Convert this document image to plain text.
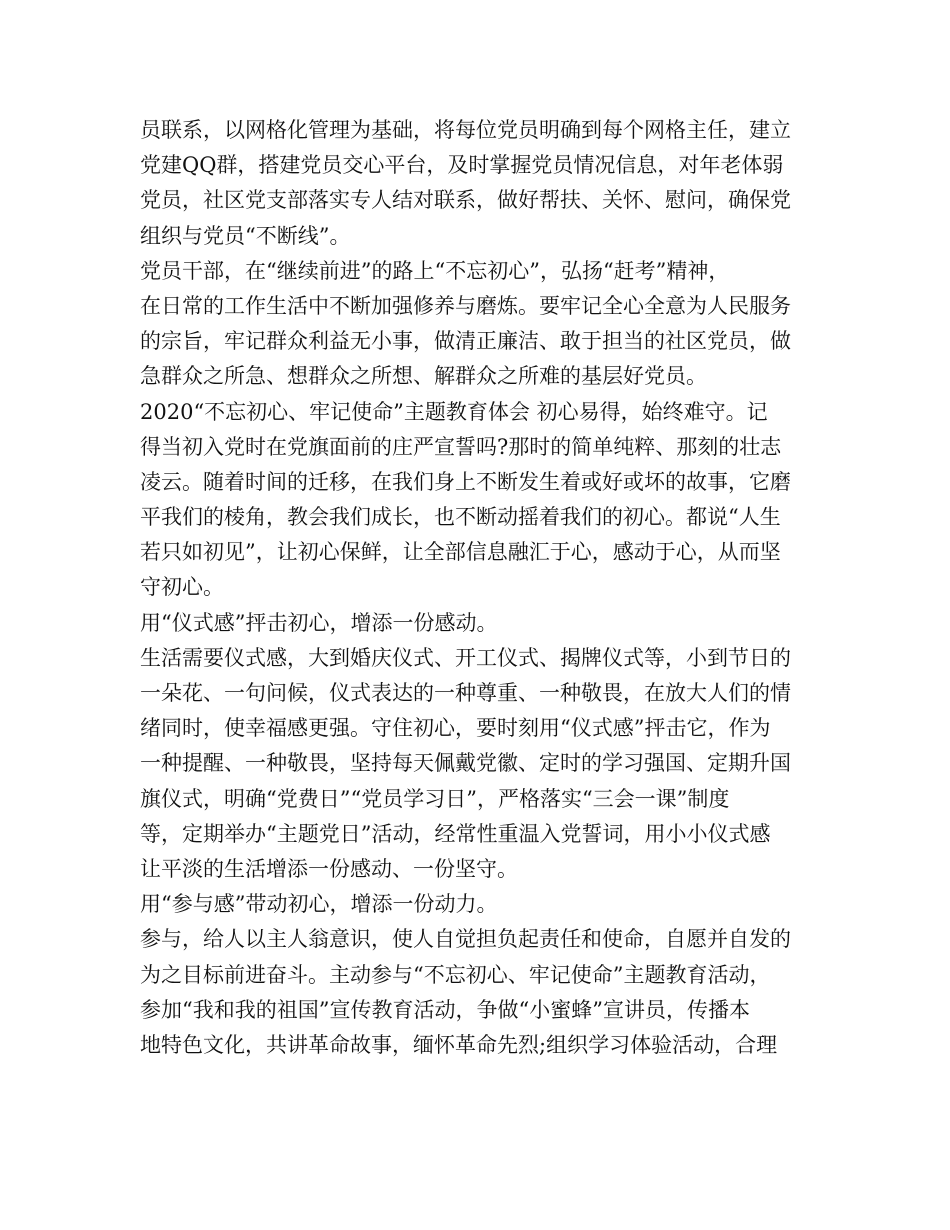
员联系，以网格化管理为基础，将每位党员明确到每个网格主任，建立
党建QQ群，搭建党员交心平台，及时掌握党员情况信息，对年老体弱
党员，社区党支部落实专人结对联系，做好帮扶、关怀、慰问，确保党
组织与党员“不断线”。
党员干部，在“继续前进”的路上“不忘初心”，弘扬“赶考”精神，
在日常的工作生活中不断加强修养与磨炼。要牢记全心全意为人民服务
的宗旨，牢记群众利益无小事，做清正廉洁、敢于担当的社区党员，做
急群众之所急、想群众之所想、解群众之所难的基层好党员。
2020“不忘初心、牢记使命”主题教育体会 初心易得，始终难守。记
得当初入党时在党旗面前的庄严宣誓吗?那时的简单纯粹、那刻的壮志
凌云。随着时间的迁移，在我们身上不断发生着或好或坏的故事，它磨
平我们的棱角，教会我们成长，也不断动摇着我们的初心。都说“人生
若只如初见”，让初心保鲜，让全部信息融汇于心，感动于心，从而坚
守初心。
用“仪式感”抨击初心，增添一份感动。
生活需要仪式感，大到婚庆仪式、开工仪式、揭牌仪式等，小到节日的
一朵花、一句问候，仪式表达的一种尊重、一种敬畏，在放大人们的情
绪同时，使幸福感更强。守住初心，要时刻用“仪式感”抨击它，作为
一种提醒、一种敬畏，坚持每天佩戴党徽、定时的学习强国、定期升国
旗仪式，明确“党费日”“党员学习日”，严格落实“三会一课”制度
等，定期举办“主题党日”活动，经常性重温入党誓词，用小小仪式感
让平淡的生活增添一份感动、一份坚守。
用“参与感”带动初心，增添一份动力。
参与，给人以主人翁意识，使人自觉担负起责任和使命，自愿并自发的
为之目标前进奋斗。主动参与“不忘初心、牢记使命”主题教育活动，
参加“我和我的祖国”宣传教育活动，争做“小蜜蜂”宣讲员，传播本
地特色文化，共讲革命故事，缅怀革命先烈;组织学习体验活动，合理
